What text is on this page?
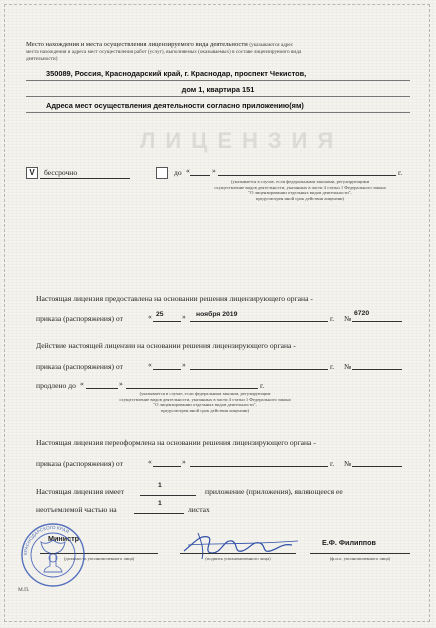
ЛИЦЕНЗИЯ
Место нахождения и места осуществления лицензируемого вида деятельности (указываются адрес
места нахождения и адреса мест осуществления работ (услуг), выполняемых (оказываемых) в составе лицензируемого вида
деятельности)
350089, Россия, Краснодарский край, г. Краснодар, проспект Чекистов,
дом 1, квартира 151
Адреса мест осуществления деятельности согласно приложению(ям)
V	бессрочно	до «	»	г.
(указывается в случае, если федеральными законами, регулирующими
осуществление видов деятельности, указанных в части 4 статьи 1 Федерального закона
"О лицензировании отдельных видов деятельности",
предусмотрен иной срок действия лицензии)
Настоящая лицензия предоставлена на основании решения лицензирующего органа -
приказа (распоряжения) от	« 25 » ноября 2019	г. №
6720
Действие настоящей лицензии на основании решения лицензирующего органа -
приказа (распоряжения) от	«	»	г. №
продлено до «	»	г.
(указывается в случае, если федеральным законом, регулирующим
осуществление видов деятельности, указанных в части 4 статьи 1 Федерального закона
"О лицензировании отдельных видов деятельности",
предусмотрен иной срок действия лицензии)
Настоящая лицензия переоформлена на основании решения лицензирующего органа -
приказа (распоряжения) от	«	»	г. №
Настоящая лицензия имеет
1
приложение (приложения), являющееся ее
неотъемлемой частью на
1
листах
Министр
(должность уполномоченного лица)	(подпись уполномоченного лица)
Е.Ф. Филиппов
(ф.и.о. уполномоченного лица)
М.П.
КРАСНОДАРСКОГО КРАЯ
